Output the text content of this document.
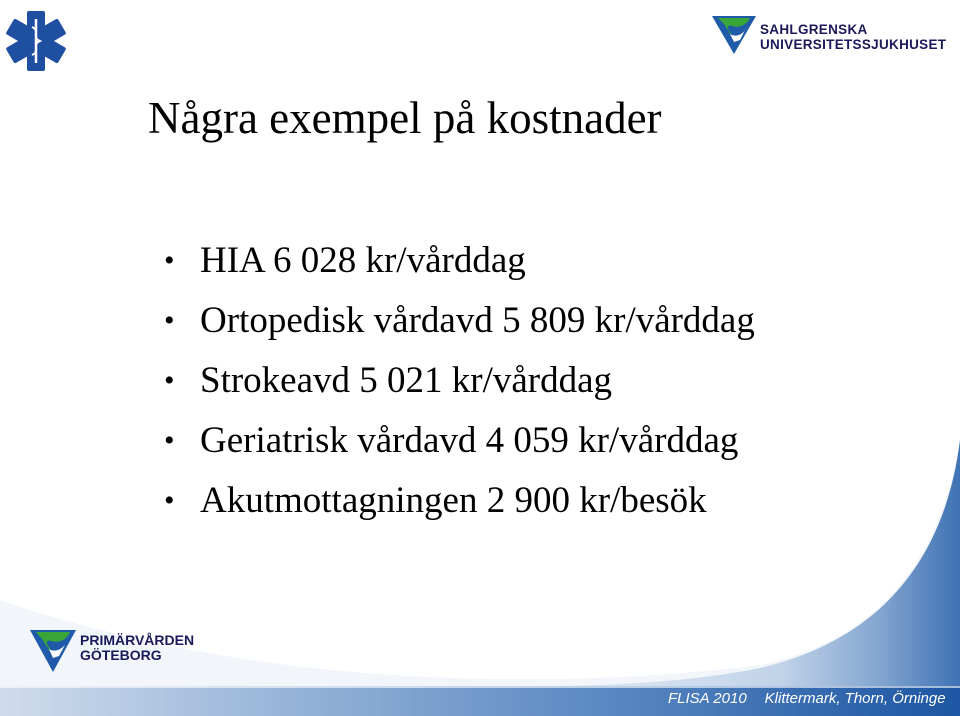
SAHLGRENSKA
UNIVERSITETSSJUKHUSET
Några exempel på kostnader
• HIA 6 028 kr/vårddag
• Ortopedisk vårdavd 5 809 kr/vårddag
• Strokeavd 5 021 kr/vårddag
• Geriatrisk vårdavd 4 059 kr/vårddag
• Akutmottagningen 2 900 kr/besök
PRIMÄRVÅRDEN
GÖTEBORG
FLISA 2010 Klittermark, Thorn, Örninge
